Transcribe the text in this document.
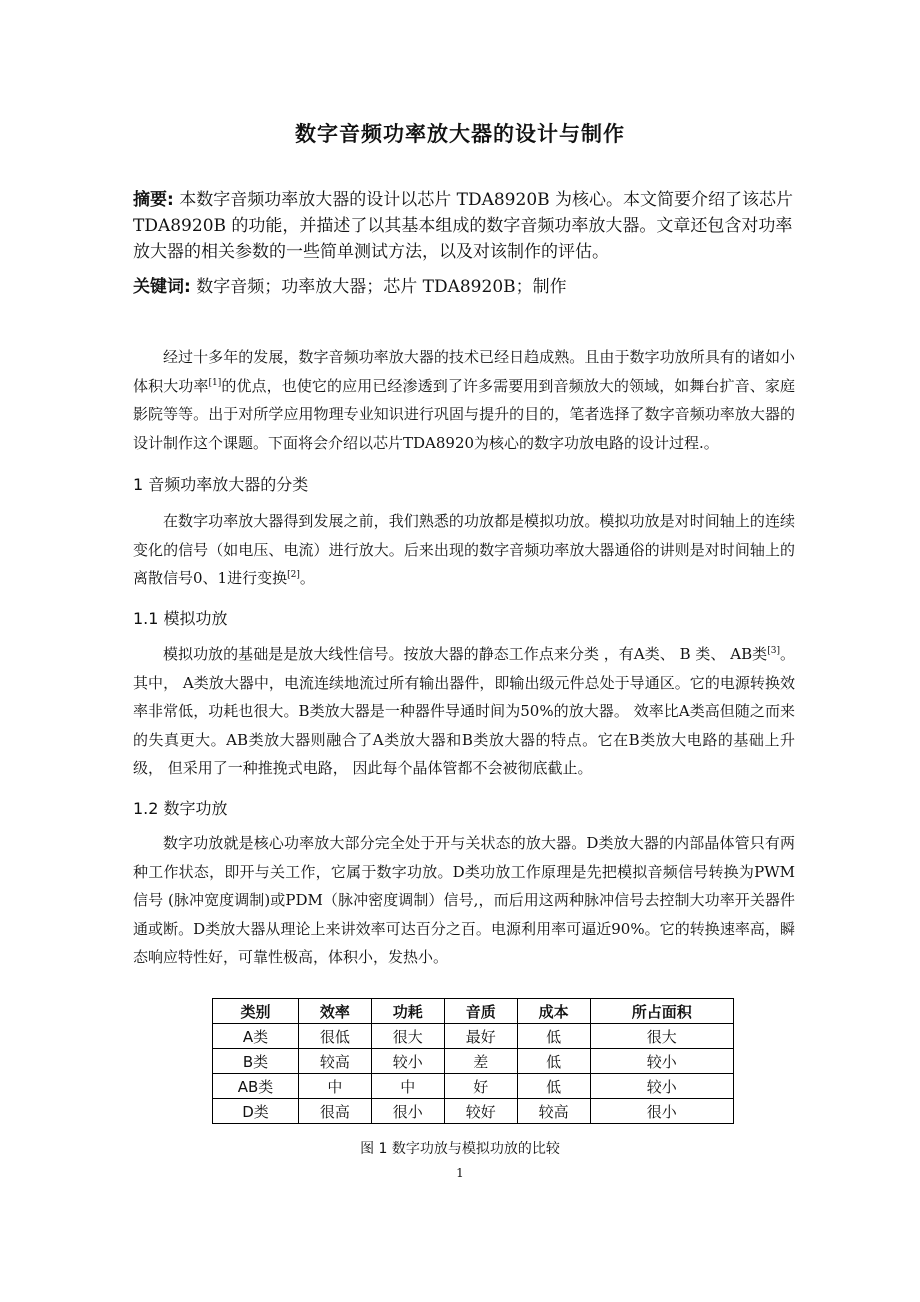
数字音频功率放大器的设计与制作
摘要: 本数字音频功率放大器的设计以芯片 TDA8920B 为核心。本文简要介绍了该芯片 TDA8920B 的功能，并描述了以其基本组成的数字音频功率放大器。文章还包含对功率放大器的相关参数的一些简单测试方法，以及对该制作的评估。
关键词: 数字音频；功率放大器；芯片 TDA8920B；制作
经过十多年的发展，数字音频功率放大器的技术已经日趋成熟。且由于数字功放所具有的诸如小体积大功率[1]的优点，也使它的应用已经渗透到了许多需要用到音频放大的领域，如舞台扩音、家庭影院等等。出于对所学应用物理专业知识进行巩固与提升的目的，笔者选择了数字音频功率放大器的设计制作这个课题。下面将会介绍以芯片TDA8920为核心的数字功放电路的设计过程.。
1 音频功率放大器的分类
在数字功率放大器得到发展之前，我们熟悉的功放都是模拟功放。模拟功放是对时间轴上的连续变化的信号（如电压、电流）进行放大。后来出现的数字音频功率放大器通俗的讲则是对时间轴上的离散信号0、1进行变换[2]。
1.1 模拟功放
模拟功放的基础是是放大线性信号。按放大器的静态工作点来分类 ，有A类、 B 类、 AB类[3]。其中， A类放大器中，电流连续地流过所有输出器件，即输出级元件总处于导通区。它的电源转换效率非常低，功耗也很大。B类放大器是一种器件导通时间为50%的放大器。 效率比A类高但随之而来的失真更大。AB类放大器则融合了A类放大器和B类放大器的特点。它在B类放大电路的基础上升级， 但采用了一种推挽式电路， 因此每个晶体管都不会被彻底截止。
1.2 数字功放
数字功放就是核心功率放大部分完全处于开与关状态的放大器。D类放大器的内部晶体管只有两种工作状态，即开与关工作，它属于数字功放。D类功放工作原理是先把模拟音频信号转换为PWM信号 (脉冲宽度调制)或PDM（脉冲密度调制）信号,，而后用这两种脉冲信号去控制大功率开关器件通或断。D类放大器从理论上来讲效率可达百分之百。电源利用率可逼近90%。它的转换速率高，瞬态响应特性好，可靠性极高，体积小，发热小。
类别	效率	功耗	音质	成本	所占面积
A类	很低	很大	最好	低	很大
B类	较高	较小	差	低	较小
AB类	中	中	好	低	较小
D类	很高	很小	较好	较高	很小
图 1 数字功放与模拟功放的比较
1
